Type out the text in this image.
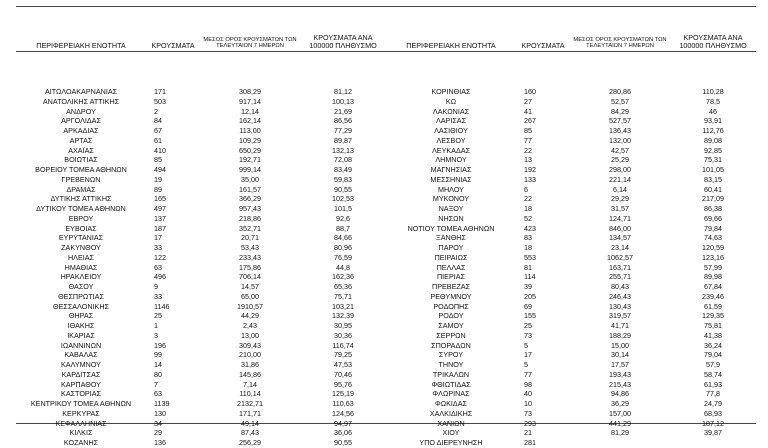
ΠΕΡΙΦΕΡΕΙΑΚΗ ΕΝΟΤΗΤΑ	ΚΡΟΥΣΜΑΤΑ	ΜΕΣΟΣ ΟΡΟΣ ΚΡΟΥΣΜΑΤΩΝ ΤΩΝ ΤΕΛΕΥΤΑΙΩΝ 7 ΗΜΕΡΩΝ	ΚΡΟΥΣΜΑΤΑ ΑΝΑ 100000 ΠΛΗΘΥΣΜΟ	ΠΕΡΙΦΕΡΕΙΑΚΗ ΕΝΟΤΗΤΑ	ΚΡΟΥΣΜΑΤΑ	ΜΕΣΟΣ ΟΡΟΣ ΚΡΟΥΣΜΑΤΩΝ ΤΩΝ ΤΕΛΕΥΤΑΙΩΝ 7 ΗΜΕΡΩΝ	ΚΡΟΥΣΜΑΤΑ ΑΝΑ 100000 ΠΛΗΘΥΣΜΟ

ΑΙΤΩΛΟΑΚΑΡΝΑΝΙΑΣ	171	308,29	81,12	ΚΟΡΙΝΘΙΑΣ	160	280,86	110,28
ΑΝΑΤΟΛΙΚΗΣ ΑΤΤΙΚΗΣ	503	917,14	100,13	ΚΩ	27	52,57	78,5
ΑΝΔΡΟΥ	2	12,14	21,69	ΛΑΚΩΝΙΑΣ	41	84,29	46
ΑΡΓΟΛΙΔΑΣ	84	162,14	86,56	ΛΑΡΙΣΑΣ	267	527,57	93,91
ΑΡΚΑΔΙΑΣ	67	113,00	77,29	ΛΑΣΙΘΙΟΥ	85	136,43	112,76
ΑΡΤΑΣ	61	109,29	89,87	ΛΕΣΒΟΥ	77	132,00	89,08
ΑΧΑΪΑΣ	410	650,29	132,13	ΛΕΥΚΑΔΑΣ	22	42,57	92,85
ΒΟΙΩΤΙΑΣ	85	192,71	72,08	ΛΗΜΝΟΥ	13	25,29	75,31
ΒΟΡΕΙΟΥ ΤΟΜΕΑ ΑΘΗΝΩΝ	494	999,14	83,49	ΜΑΓΝΗΣΙΑΣ	192	298,00	101,05
ΓΡΕΒΕΝΩΝ	19	35,00	59,83	ΜΕΣΣΗΝΙΑΣ	133	221,14	83,15
ΔΡΑΜΑΣ	89	161,57	90,55	ΜΗΛΟΥ	6	6,14	60,41
ΔΥΤΙΚΗΣ ΑΤΤΙΚΗΣ	165	366,29	102,53	ΜΥΚΟΝΟΥ	22	29,29	217,09
ΔΥΤΙΚΟΥ ΤΟΜΕΑ ΑΘΗΝΩΝ	497	957,43	101,5	ΝΑΞΟΥ	18	31,57	86,38
ΕΒΡΟΥ	137	218,86	92,6	ΝΗΣΩΝ	52	124,71	69,66
ΕΥΒΟΙΑΣ	187	352,71	88,7	ΝΟΤΙΟΥ ΤΟΜΕΑ ΑΘΗΝΩΝ	423	846,00	79,84
ΕΥΡΥΤΑΝΙΑΣ	17	20,71	84,66	ΞΑΝΘΗΣ	83	134,57	74,63
ΖΑΚΥΝΘΟΥ	33	53,43	80,96	ΠΑΡΟΥ	18	23,14	120,59
ΗΛΕΙΑΣ	122	233,43	76,59	ΠΕΙΡΑΙΩΣ	553	1062,57	123,16
ΗΜΑΘΙΑΣ	63	175,86	44,8	ΠΕΛΛΑΣ	81	163,71	57,99
ΗΡΑΚΛΕΙΟΥ	496	706,14	162,36	ΠΙΕΡΙΑΣ	114	255,71	89,98
ΘΑΣΟΥ	9	14,57	65,36	ΠΡΕΒΕΖΑΣ	39	80,43	67,84
ΘΕΣΠΡΩΤΙΑΣ	33	65,00	75,71	ΡΕΘΥΜΝΟΥ	205	246,43	239,46
ΘΕΣΣΑΛΟΝΙΚΗΣ	1146	1910,57	103,21	ΡΟΔΟΠΗΣ	69	130,43	61,59
ΘΗΡΑΣ	25	44,29	132,39	ΡΟΔΟΥ	155	319,57	129,35
ΙΘΑΚΗΣ	1	2,43	30,95	ΣΑΜΟΥ	25	41,71	75,81
ΙΚΑΡΙΑΣ	3	13,00	30,36	ΣΕΡΡΩΝ	73	188,29	41,38
ΙΩΑΝΝΙΝΩΝ	196	309,43	116,74	ΣΠΟΡΑΔΩΝ	5	15,00	36,24
ΚΑΒΑΛΑΣ	99	210,00	79,25	ΣΥΡΟΥ	17	30,14	79,04
ΚΑΛΥΜΝΟΥ	14	31,86	47,53	ΤΗΝΟΥ	5	17,57	57,9
ΚΑΡΔΙΤΣΑΣ	80	145,86	70,46	ΤΡΙΚΑΛΩΝ	77	193,43	58,74
ΚΑΡΠΑΘΟΥ	7	7,14	95,76	ΦΘΙΩΤΙΔΑΣ	98	215,43	61,93
ΚΑΣΤΟΡΙΑΣ	63	110,14	125,19	ΦΛΩΡΙΝΑΣ	40	94,86	77,8
ΚΕΝΤΡΙΚΟΥ ΤΟΜΕΑ ΑΘΗΝΩΝ	1139	2132,71	110,63	ΦΩΚΙΔΑΣ	10	36,29	24,79
ΚΕΡΚΥΡΑΣ	130	171,71	124,56	ΧΑΛΚΙΔΙΚΗΣ	73	157,00	68,93
ΚΕΦΑΛΛΗΝΙΑΣ	34	49,14	94,97	ΧΑΝΙΩΝ	293	441,29	187,12
ΚΙΛΚΙΣ	29	87,43	36,06	ΧΙΟΥ	21	81,29	39,87
ΚΟΖΑΝΗΣ	136	256,29	90,55	ΥΠΟ ΔΙΕΡΕΥΝΗΣΗ	281		
